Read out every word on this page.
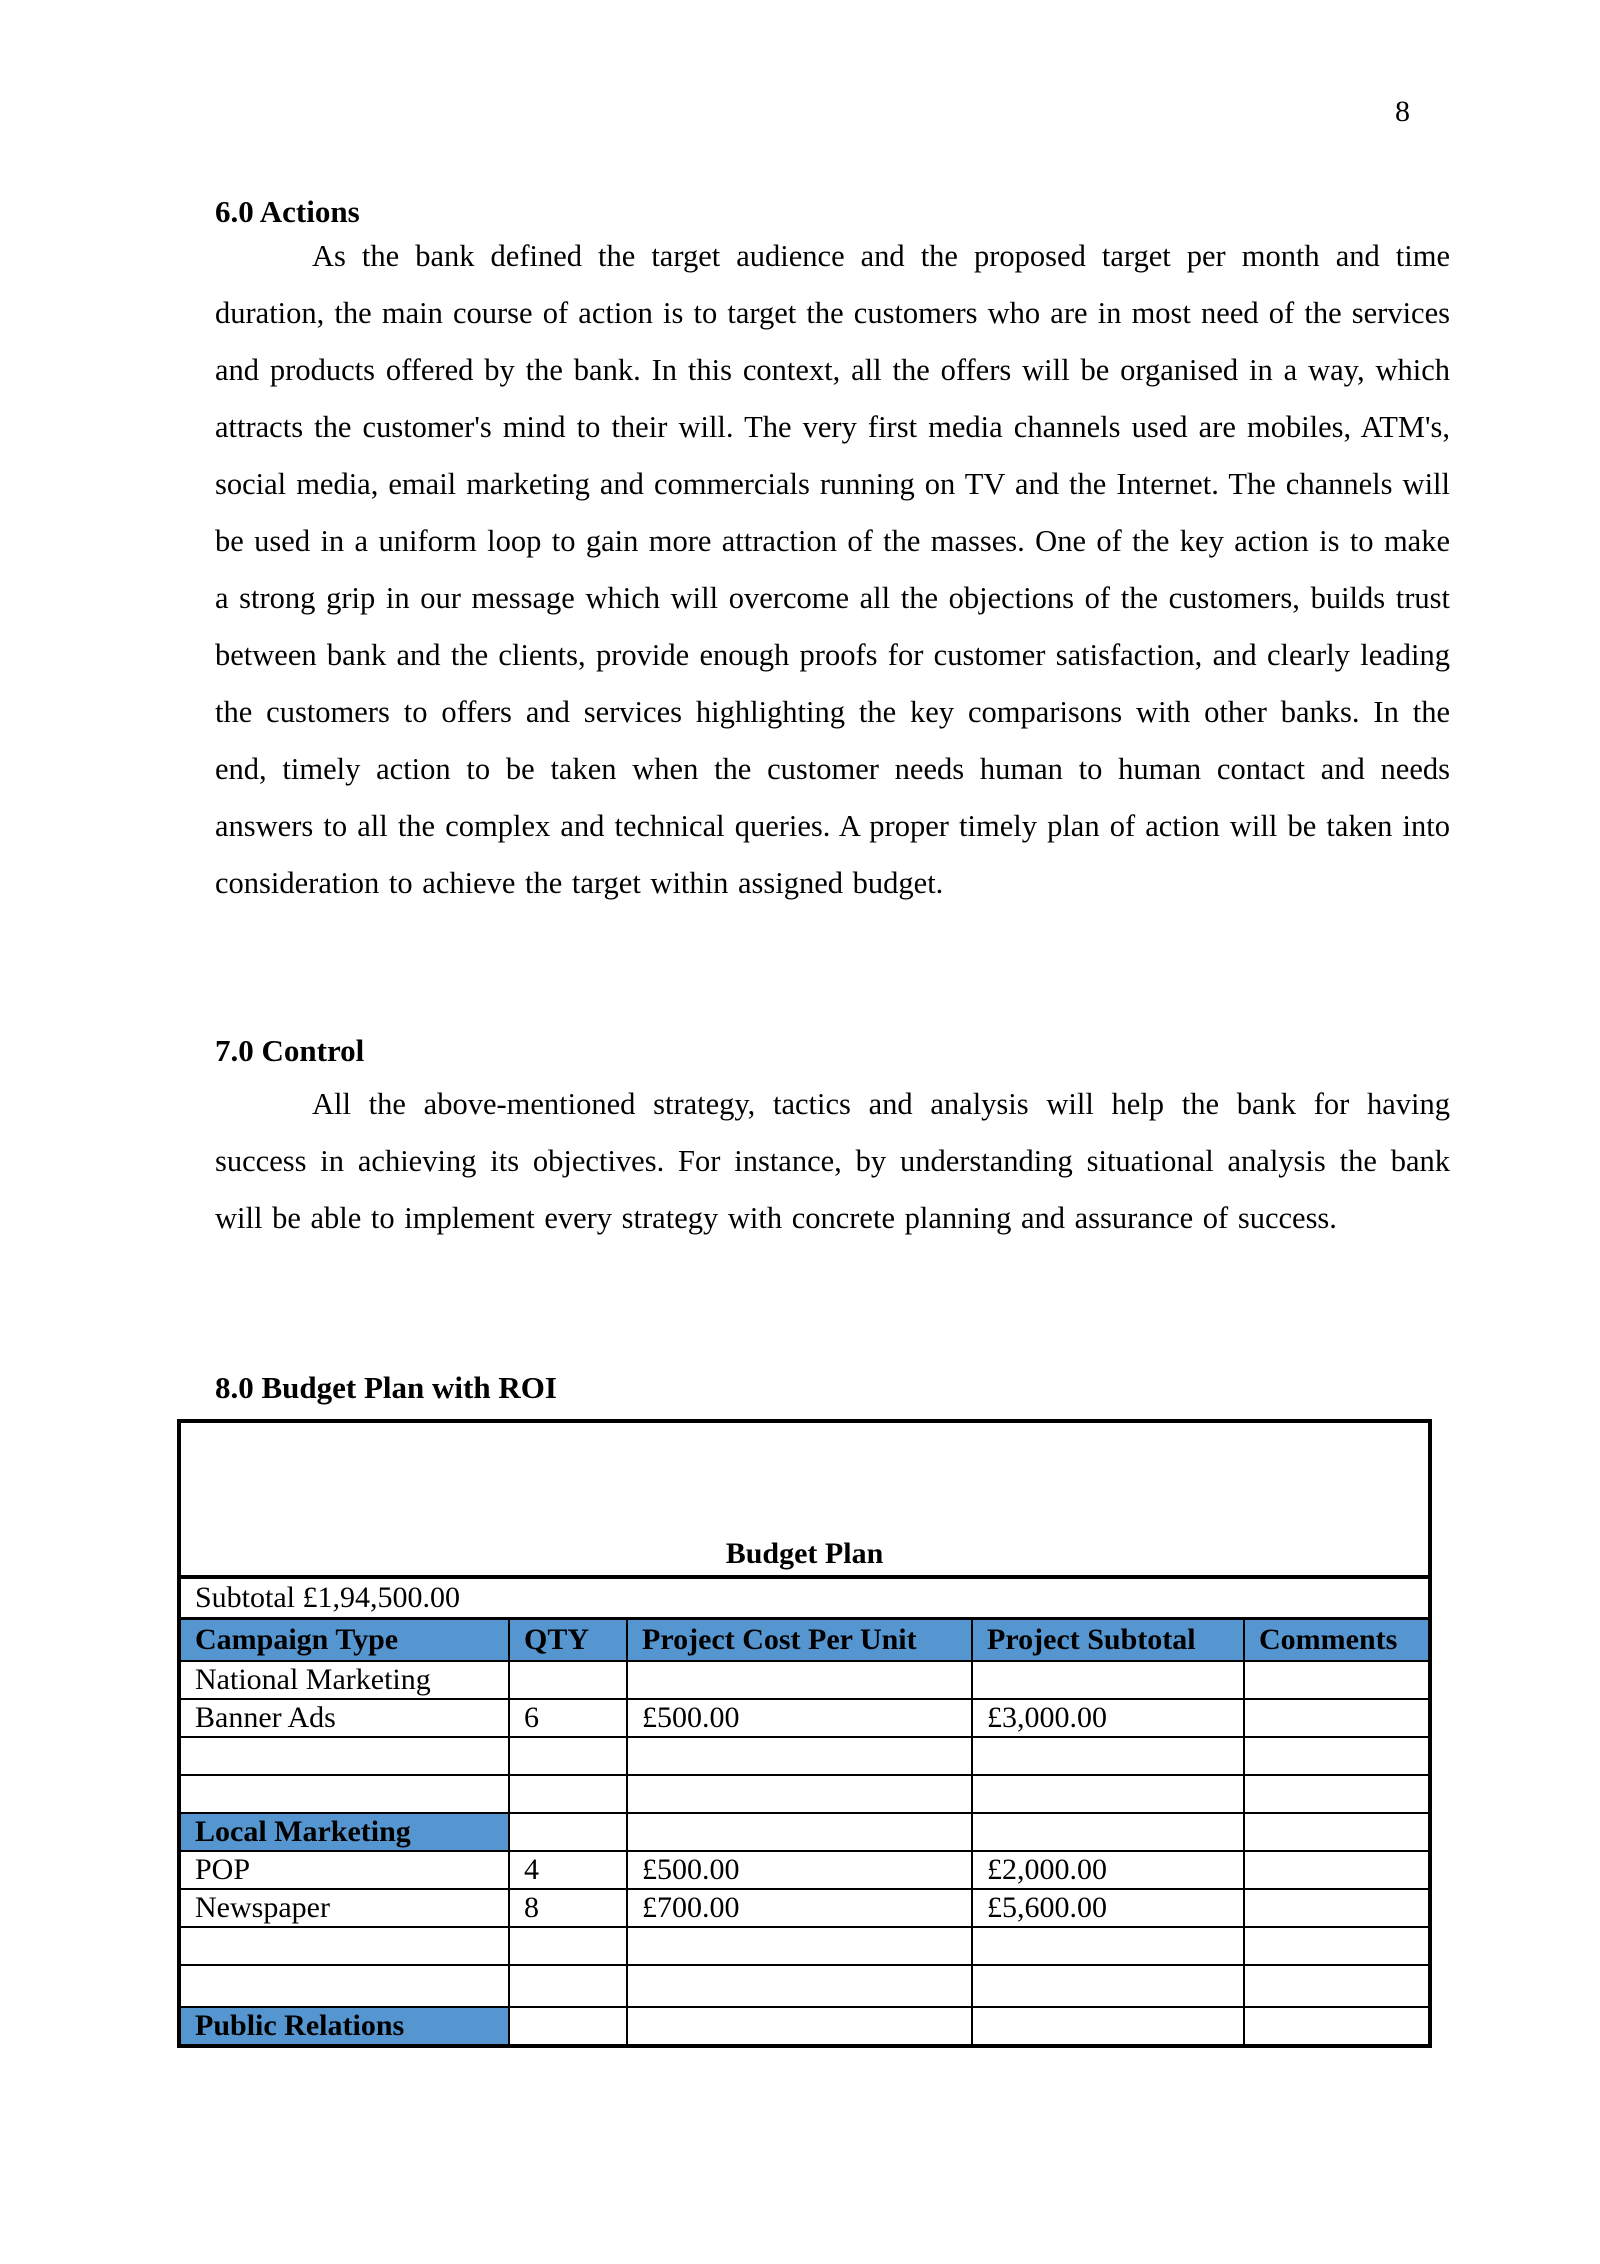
8
6.0 Actions
As the bank defined the target audience and the proposed target per month and time duration, the main course of action is to target the customers who are in most need of the services and products offered by the bank. In this context, all the offers will be organised in a way, which attracts the customer's mind to their will. The very first media channels used are mobiles, ATM's, social media, email marketing and commercials running on TV and the Internet. The channels will be used in a uniform loop to gain more attraction of the masses. One of the key action is to make a strong grip in our message which will overcome all the objections of the customers, builds trust between bank and the clients, provide enough proofs for customer satisfaction, and clearly leading the customers to offers and services highlighting the key comparisons with other banks. In the end, timely action to be taken when the customer needs human to human contact and needs answers to all the complex and technical queries. A proper timely plan of action will be taken into consideration to achieve the target within assigned budget.
7.0 Control
All the above-mentioned strategy, tactics and analysis will help the bank for having success in achieving its objectives. For instance, by understanding situational analysis the bank will be able to implement every strategy with concrete planning and assurance of success.
8.0 Budget Plan with ROI
Budget Plan				
Subtotal £1,94,500.00				
Campaign Type	QTY	Project Cost Per Unit	Project Subtotal	Comments
National Marketing				
Banner Ads	6	£500.00	£3,000.00	

Local Marketing				
POP	4	£500.00	£2,000.00	
Newspaper	8	£700.00	£5,600.00	

Public Relations				
